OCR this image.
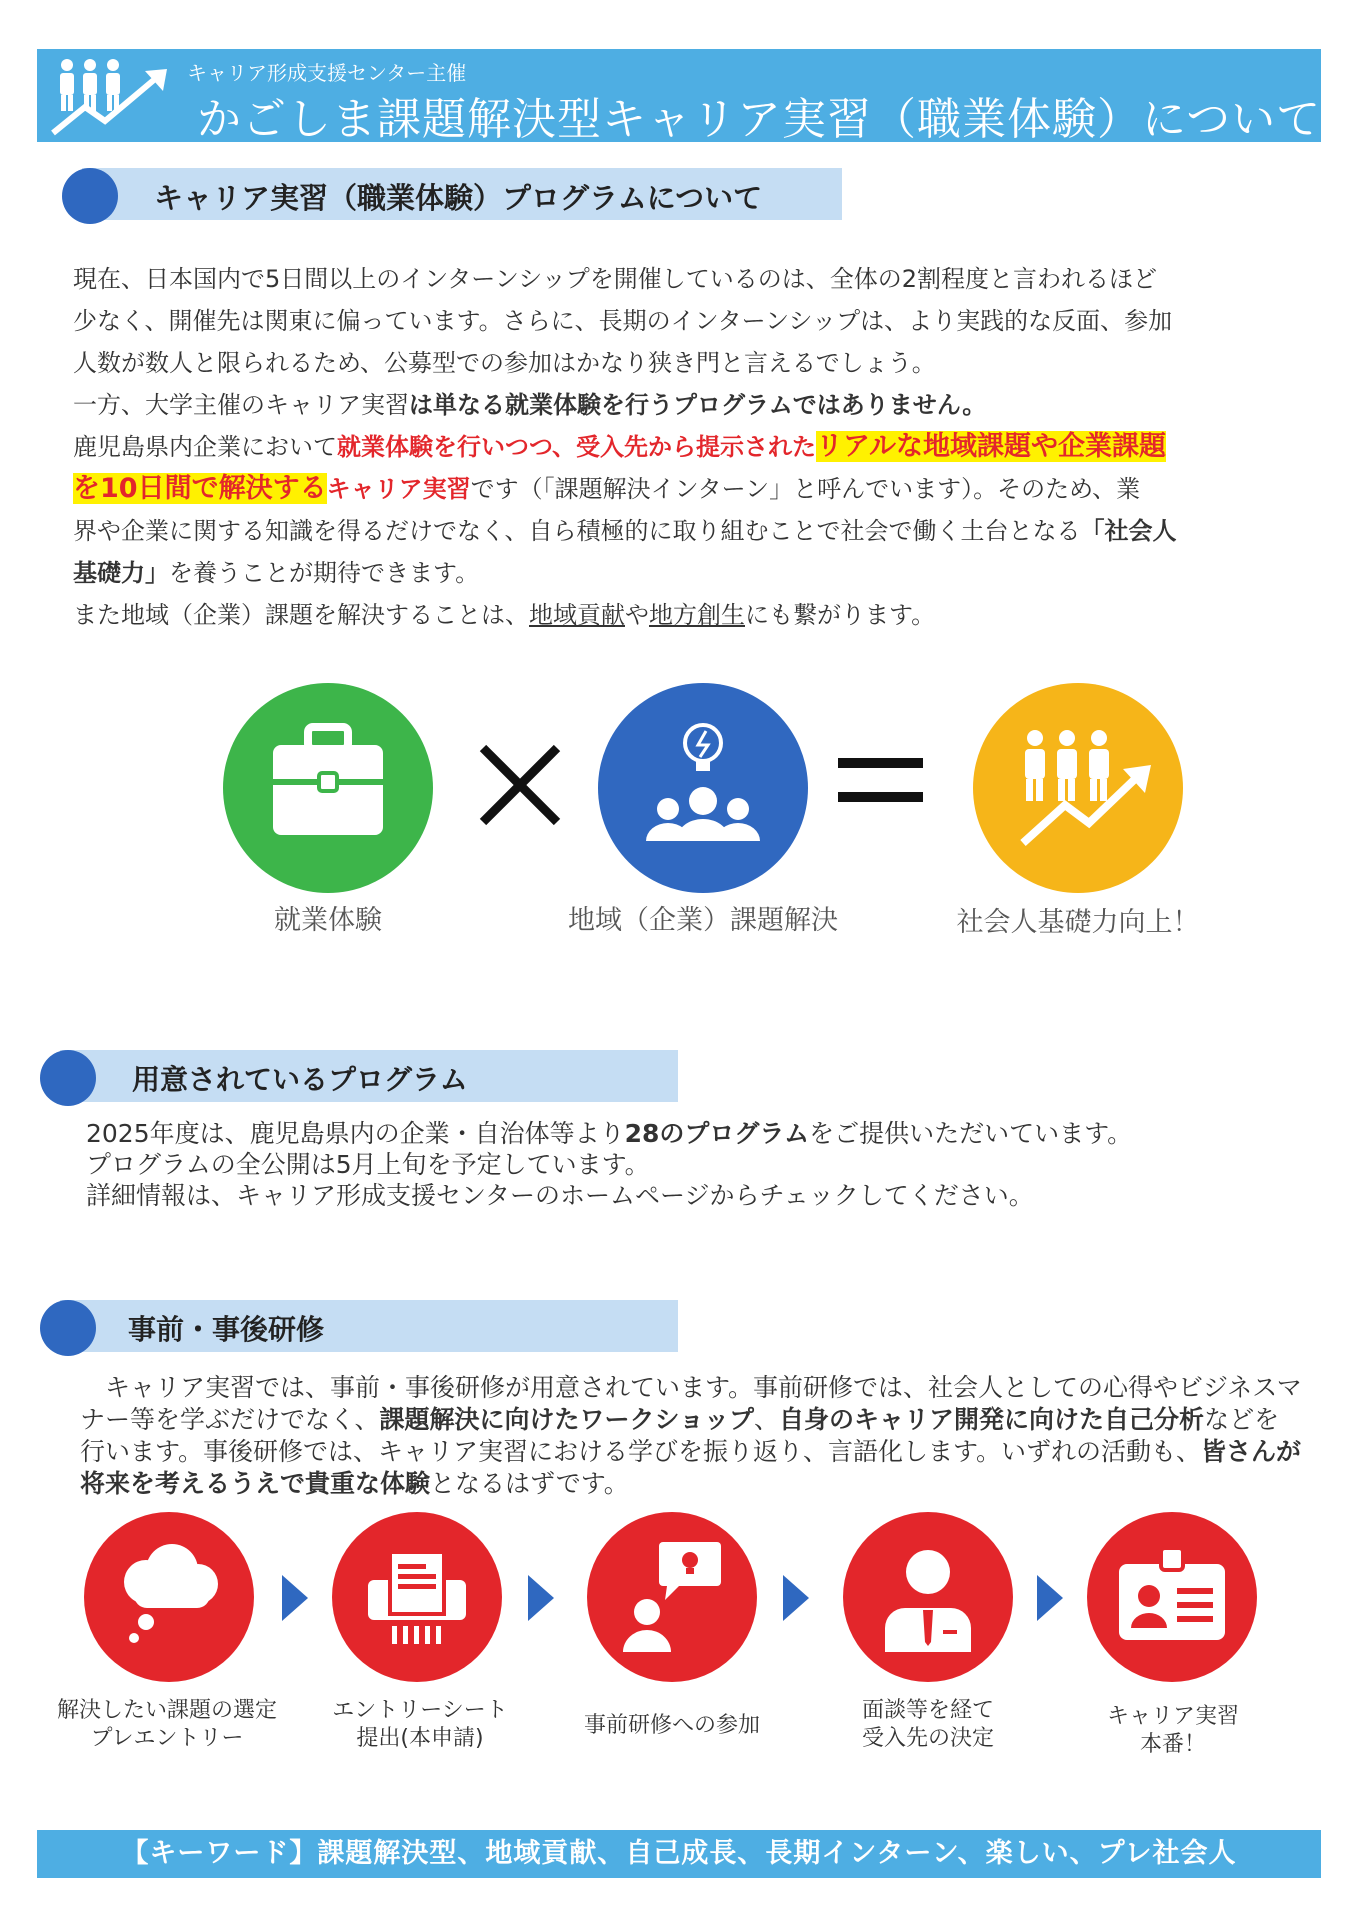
キャリア形成支援センター主催
かごしま課題解決型キャリア実習（職業体験）について
キャリア実習（職業体験）プログラムについて

現在、日本国内で5日間以上のインターンシップを開催しているのは、全体の2割程度と言われるほど

少なく、開催先は関東に偏っています。さらに、長期のインターンシップは、より実践的な反面、参加

人数が数人と限られるため、公募型での参加はかなり狭き門と言えるでしょう。

一方、大学主催のキャリア実習は単なる就業体験を行うプログラムではありません。

鹿児島県内企業において就業体験を行いつつ、受入先から提示されたリアルな地域課題や企業課題

を10日間で解決するキャリア実習です（「課題解決インターン」と呼んでいます）。そのため、業

界や企業に関する知識を得るだけでなく、自ら積極的に取り組むことで社会で働く土台となる「社会人

基礎力」を養うことが期待できます。

また地域（企業）課題を解決することは、地域貢献や地方創生にも繋がります。

就業体験	地域（企業）課題解決	社会人基礎力向上！
用意されているプログラム

2025年度は、鹿児島県内の企業・自治体等より28のプログラムをご提供いただいています。

プログラムの全公開は5月上旬を予定しています。

詳細情報は、キャリア形成支援センターのホームページからチェックしてください。

事前・事後研修

　キャリア実習では、事前・事後研修が用意されています。事前研修では、社会人としての心得やビジネスマ

ナー等を学ぶだけでなく、課題解決に向けたワークショップ、自身のキャリア開発に向けた自己分析などを

行います。事後研修では、キャリア実習における学びを振り返り、言語化します。いずれの活動も、皆さんが

将来を考えるうえで貴重な体験となるはずです。

解決したい課題の選定
プレエントリー
エントリーシート
提出(本申請)
事前研修への参加
面談等を経て
受入先の決定
キャリア実習
本番！
【キーワード】課題解決型、地域貢献、自己成長、長期インターン、楽しい、プレ社会人
